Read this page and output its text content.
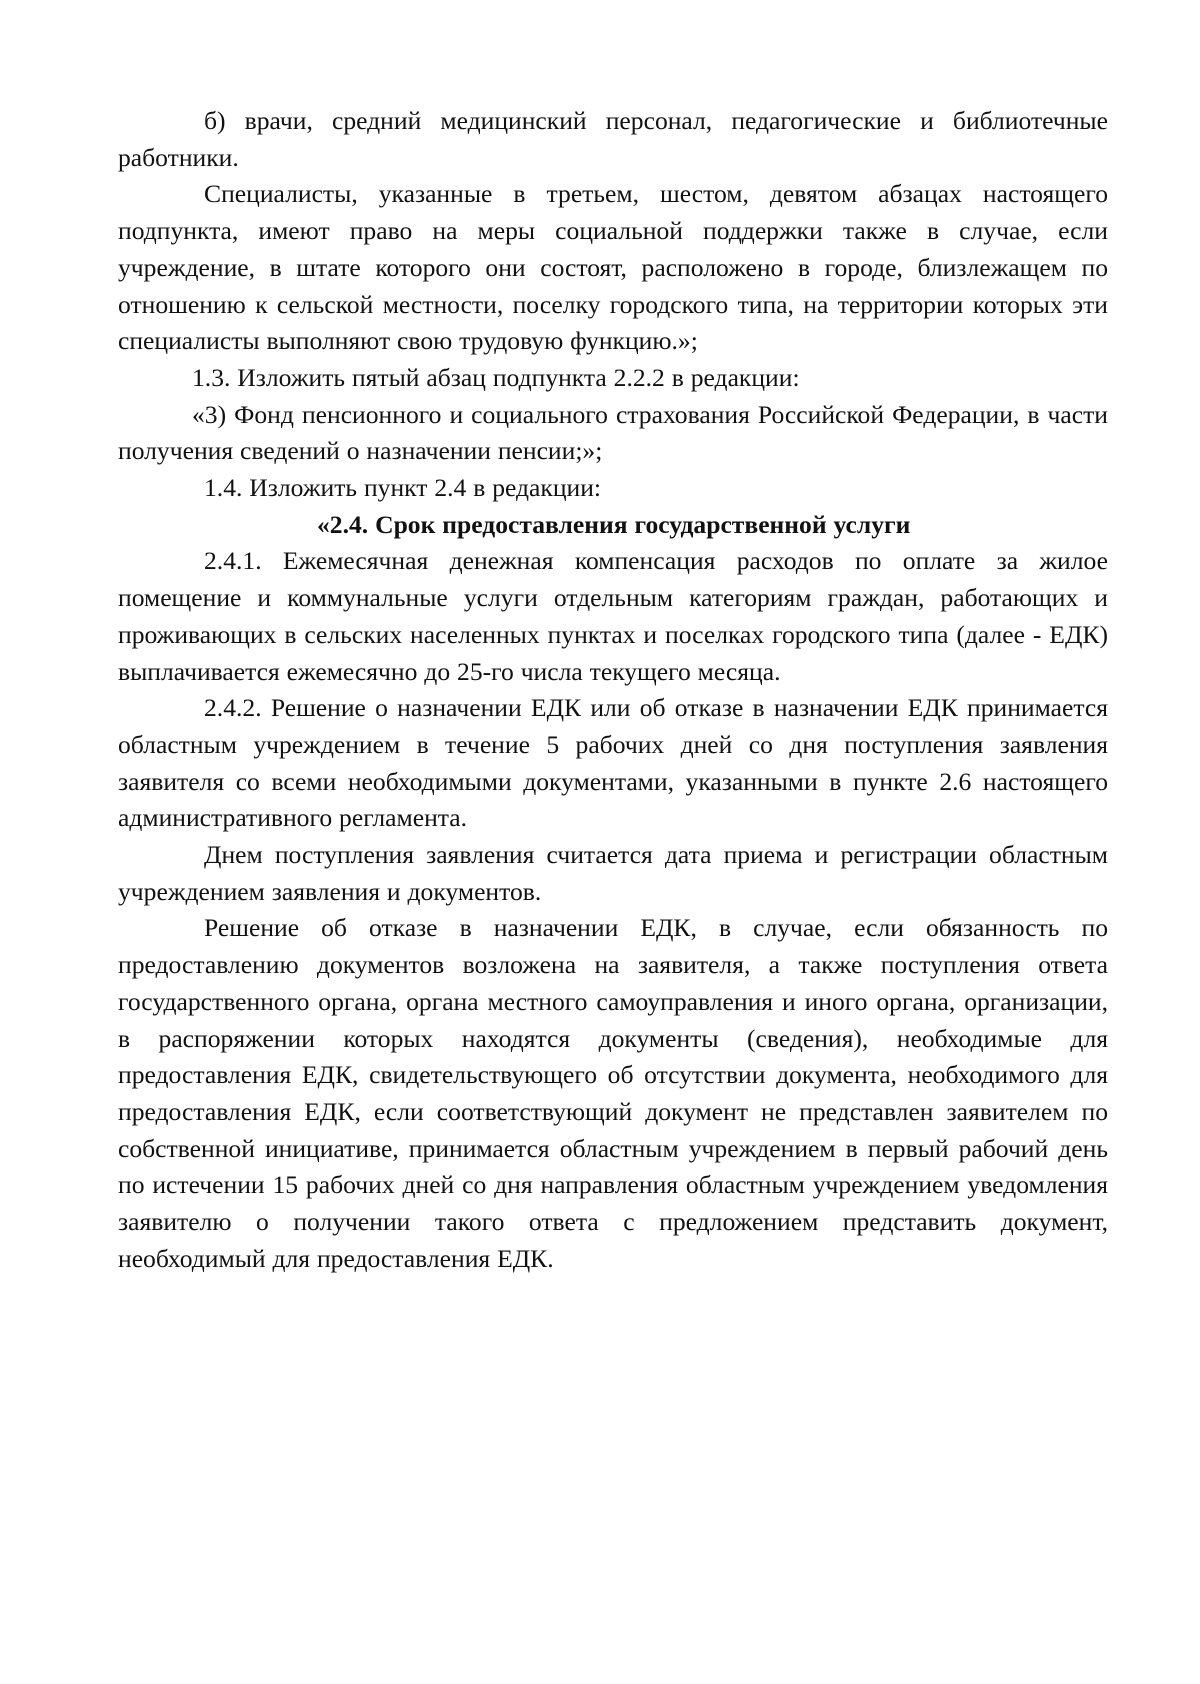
б) врачи, средний медицинский персонал, педагогические и библиотечные работники.

Специалисты, указанные в третьем, шестом, девятом абзацах настоящего подпункта, имеют право на меры социальной поддержки также в случае, если учреждение, в штате которого они состоят, расположено в городе, близлежащем по отношению к сельской местности, поселку городского типа, на территории которых эти специалисты выполняют свою трудовую функцию.»;

1.3. Изложить пятый абзац подпункта 2.2.2 в редакции:

«3) Фонд пенсионного и социального страхования Российской Федерации, в части получения сведений о назначении пенсии;»;

1.4. Изложить пункт 2.4 в редакции:

«2.4. Срок предоставления государственной услуги

2.4.1. Ежемесячная денежная компенсация расходов по оплате за жилое помещение и коммунальные услуги отдельным категориям граждан, работающих и проживающих в сельских населенных пунктах и поселках городского типа (далее - ЕДК) выплачивается ежемесячно до 25-го числа текущего месяца.

2.4.2. Решение о назначении ЕДК или об отказе в назначении ЕДК принимается областным учреждением в течение 5 рабочих дней со дня поступления заявления заявителя со всеми необходимыми документами, указанными в пункте 2.6 настоящего административного регламента.

Днем поступления заявления считается дата приема и регистрации областным учреждением заявления и документов.

Решение об отказе в назначении ЕДК, в случае, если обязанность по предоставлению документов возложена на заявителя, а также поступления ответа государственного органа, органа местного самоуправления и иного органа, организации, в распоряжении которых находятся документы (сведения), необходимые для предоставления ЕДК, свидетельствующего об отсутствии документа, необходимого для предоставления ЕДК, если соответствующий документ не представлен заявителем по собственной инициативе, принимается областным учреждением в первый рабочий день по истечении 15 рабочих дней со дня направления областным учреждением уведомления заявителю о получении такого ответа с предложением представить документ, необходимый для предоставления ЕДК.
